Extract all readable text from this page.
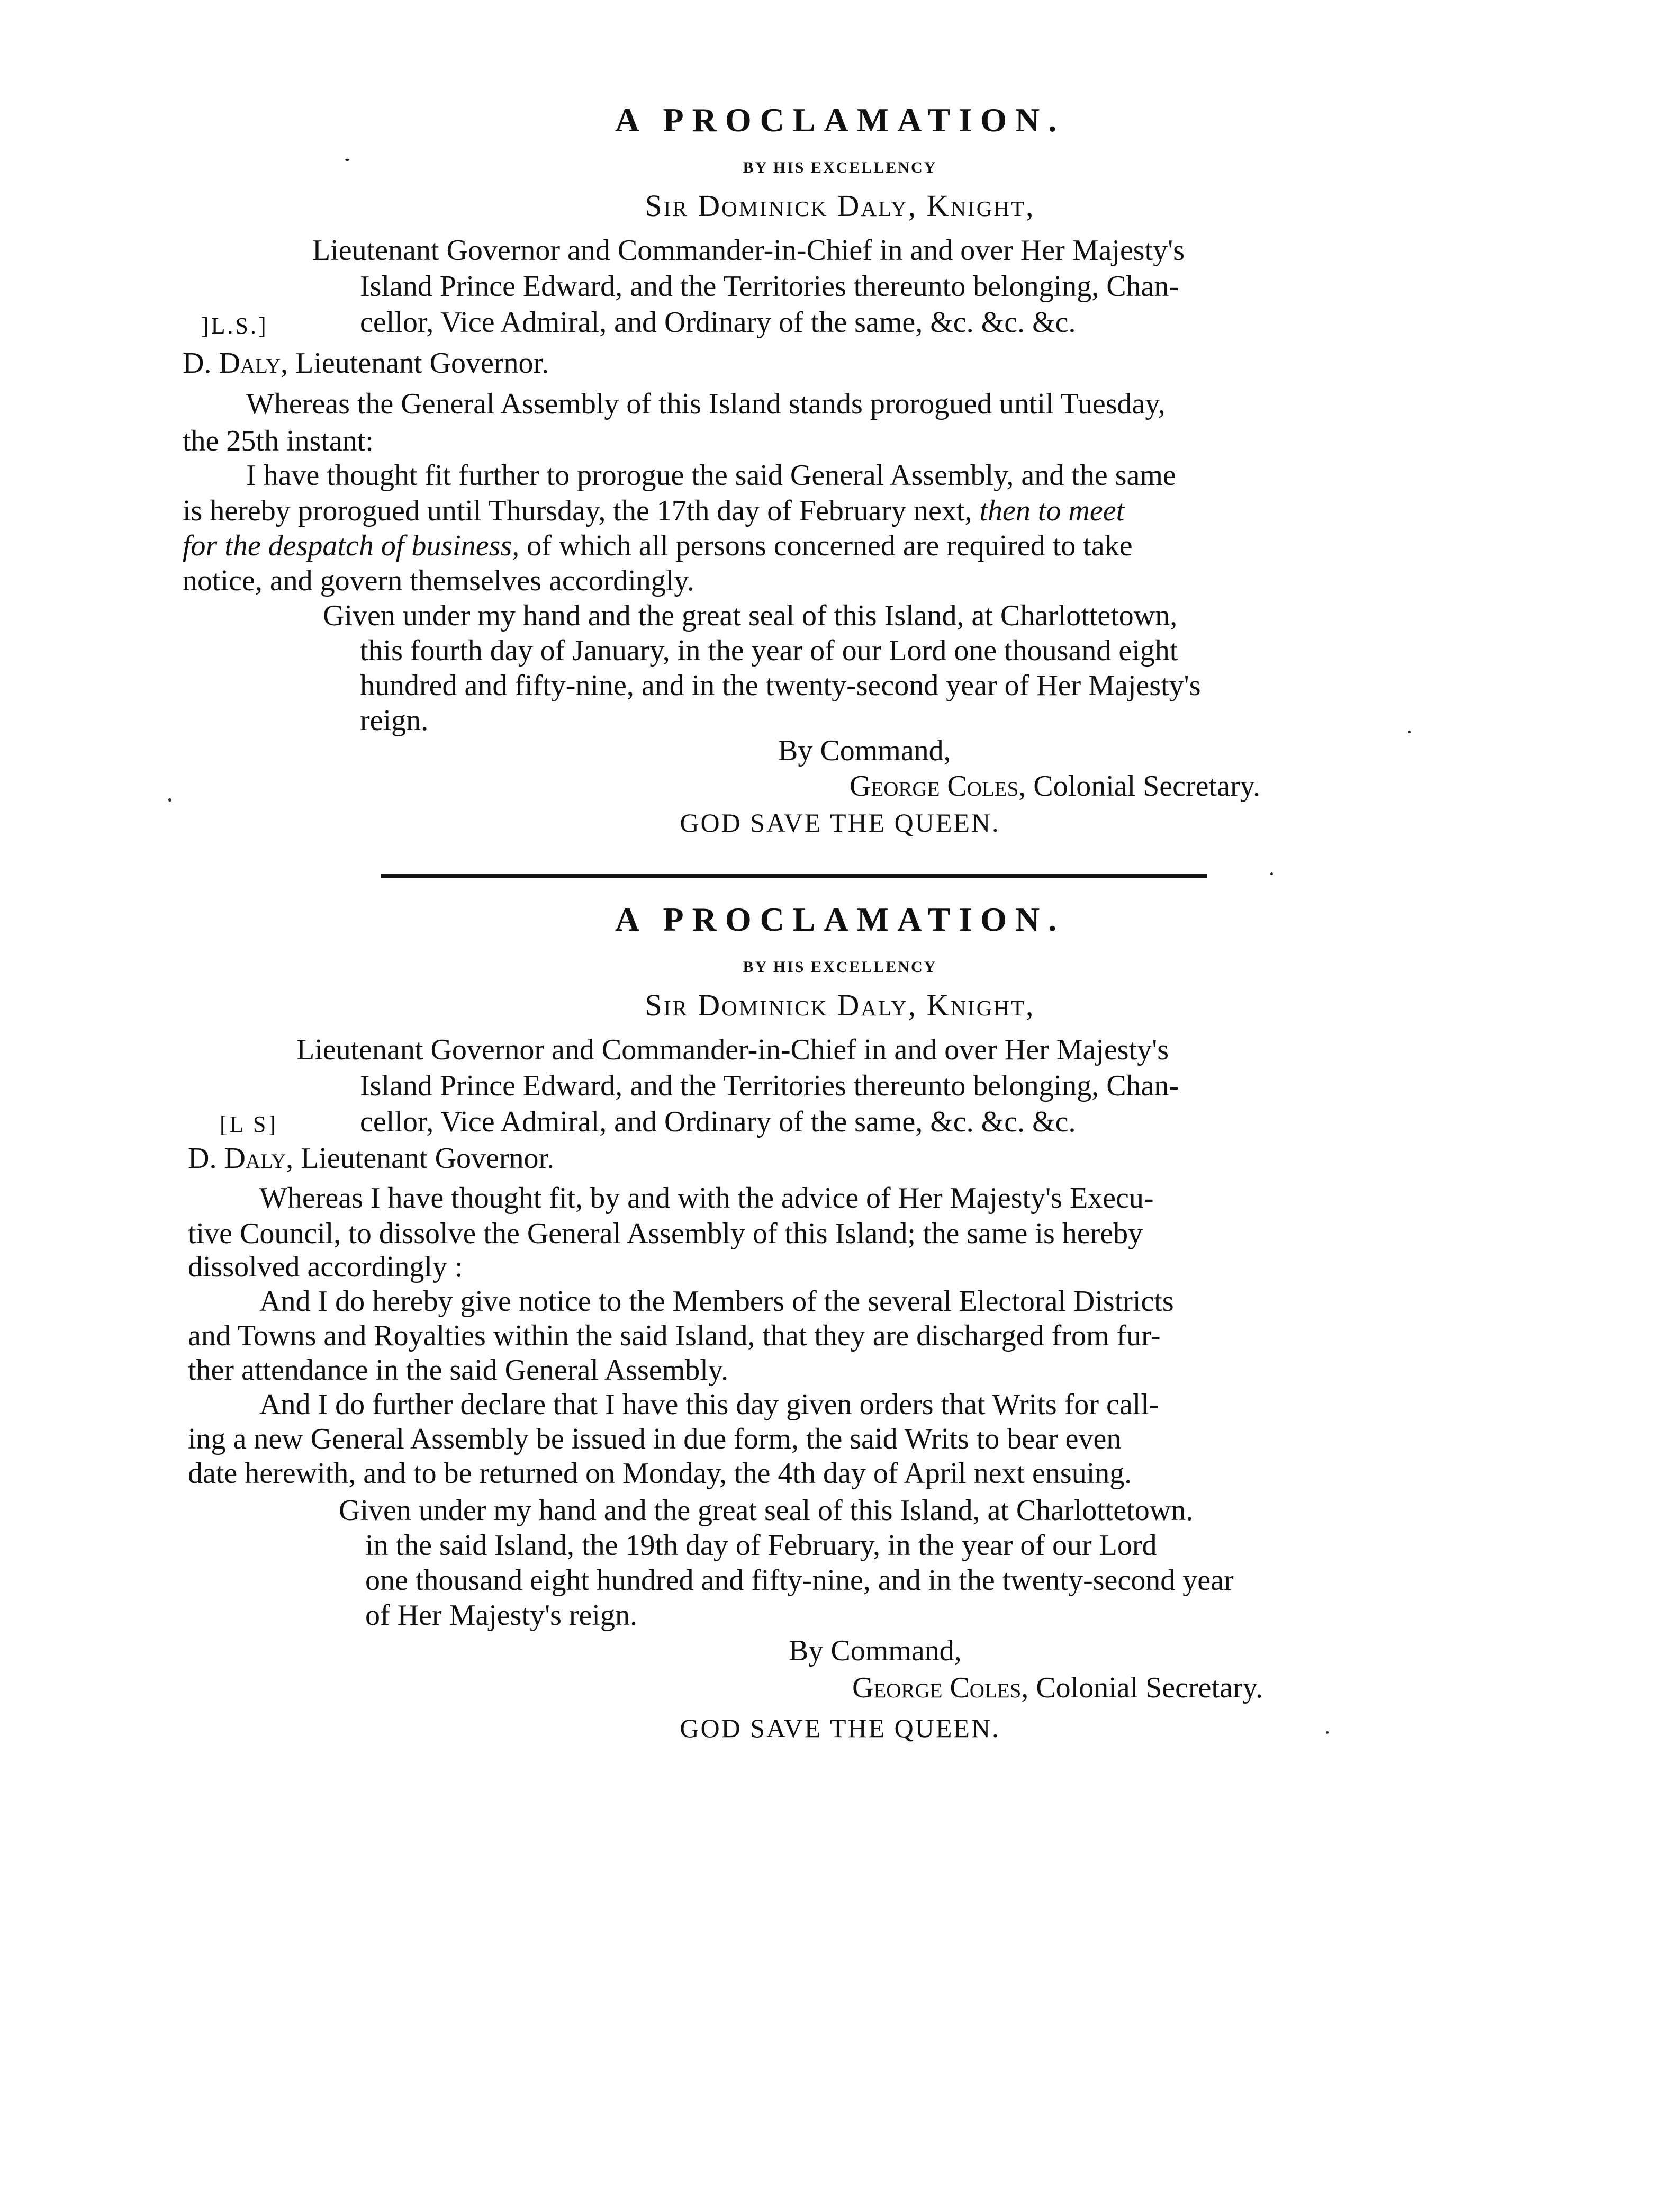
A PROCLAMATION.
BY HIS EXCELLENCY
Sir Dominick Daly, Knight,
Lieutenant Governor and Commander-in-Chief in and over Her Majesty's
Island Prince Edward, and the Territories thereunto belonging, Chan-
]L.S.]	cellor, Vice Admiral, and Ordinary of the same, &c. &c. &c.
D. Daly, Lieutenant Governor.
Whereas the General Assembly of this Island stands prorogued until Tuesday,
the 25th instant:
I have thought fit further to prorogue the said General Assembly, and the same
is hereby prorogued until Thursday, the 17th day of February next, then to meet
for the despatch of business, of which all persons concerned are required to take
notice, and govern themselves accordingly.
Given under my hand and the great seal of this Island, at Charlottetown,
this fourth day of January, in the year of our Lord one thousand eight
hundred and fifty-nine, and in the twenty-second year of Her Majesty's
reign.
By Command,
George Coles, Colonial Secretary.
GOD SAVE THE QUEEN.
A PROCLAMATION.
BY HIS EXCELLENCY
Sir Dominick Daly, Knight,
Lieutenant Governor and Commander-in-Chief in and over Her Majesty's
Island Prince Edward, and the Territories thereunto belonging, Chan-
[L S]	cellor, Vice Admiral, and Ordinary of the same, &c. &c. &c.
D. Daly, Lieutenant Governor.
Whereas I have thought fit, by and with the advice of Her Majesty's Execu-
tive Council, to dissolve the General Assembly of this Island; the same is hereby
dissolved accordingly :
And I do hereby give notice to the Members of the several Electoral Districts
and Towns and Royalties within the said Island, that they are discharged from fur-
ther attendance in the said General Assembly.
And I do further declare that I have this day given orders that Writs for call-
ing a new General Assembly be issued in due form, the said Writs to bear even
date herewith, and to be returned on Monday, the 4th day of April next ensuing.
Given under my hand and the great seal of this Island, at Charlottetown.
in the said Island, the 19th day of February, in the year of our Lord
one thousand eight hundred and fifty-nine, and in the twenty-second year
of Her Majesty's reign.
By Command,
George Coles, Colonial Secretary.
GOD SAVE THE QUEEN.
